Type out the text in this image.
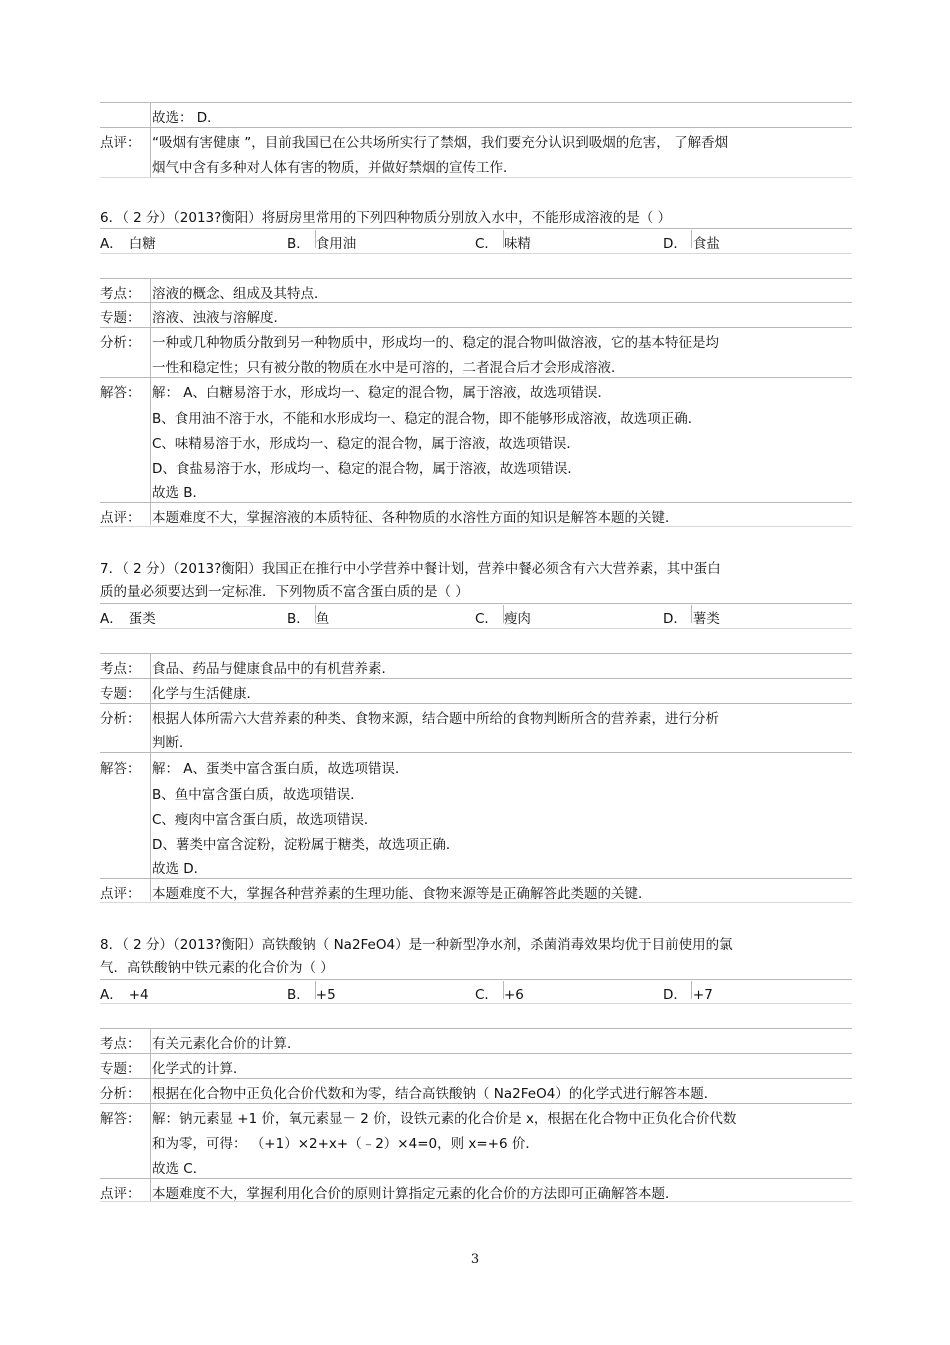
故选： D．
点评： “吸烟有害健康 ”，目前我国已在公共场所实行了禁烟，我们要充分认识到吸烟的危害， 了解香烟
烟气中含有多种对人体有害的物质，并做好禁烟的宣传工作．
6．（ 2 分）（2013?衡阳）将厨房里常用的下列四种物质分别放入水中，不能形成溶液的是（ ）
A． 白糖	B． 食用油	C． 味精	D． 食盐
考点： 溶液的概念、组成及其特点．
专题： 溶液、浊液与溶解度．
分析： 一种或几种物质分散到另一种物质中，形成均一的、稳定的混合物叫做溶液，它的基本特征是均
一性和稳定性；只有被分散的物质在水中是可溶的，二者混合后才会形成溶液．
解答： 解： A、白糖易溶于水，形成均一、稳定的混合物，属于溶液，故选项错误．
B、食用油不溶于水，不能和水形成均一、稳定的混合物，即不能够形成溶液，故选项正确．
C、味精易溶于水，形成均一、稳定的混合物，属于溶液，故选项错误．
D、食盐易溶于水，形成均一、稳定的混合物，属于溶液，故选项错误．
故选 B．
点评： 本题难度不大，掌握溶液的本质特征、各种物质的水溶性方面的知识是解答本题的关键．
7．（ 2 分）（2013?衡阳）我国正在推行中小学营养中餐计划，营养中餐必须含有六大营养素，其中蛋白
质的量必须要达到一定标准．下列物质不富含蛋白质的是（ ）
A． 蛋类	B． 鱼	C． 瘦肉	D． 薯类
考点： 食品、药品与健康食品中的有机营养素．
专题： 化学与生活健康．
分析： 根据人体所需六大营养素的种类、食物来源，结合题中所给的食物判断所含的营养素，进行分析
判断．
解答： 解： A、蛋类中富含蛋白质，故选项错误．
B、鱼中富含蛋白质，故选项错误．
C、瘦肉中富含蛋白质，故选项错误．
D、薯类中富含淀粉，淀粉属于糖类，故选项正确．
故选 D．
点评： 本题难度不大，掌握各种营养素的生理功能、食物来源等是正确解答此类题的关键．
8．（ 2 分）（2013?衡阳）高铁酸钠（ Na2FeO4）是一种新型净水剂，杀菌消毒效果均优于目前使用的氯
气．高铁酸钠中铁元素的化合价为（ ）
A． +4	B． +5	C． +6	D． +7
考点： 有关元素化合价的计算．
专题： 化学式的计算．
分析： 根据在化合物中正负化合价代数和为零，结合高铁酸钠（ Na2FeO4）的化学式进行解答本题．
解答： 解：钠元素显 +1 价，氧元素显－ 2 价，设铁元素的化合价是 x，根据在化合物中正负化合价代数
和为零，可得： （+1）×2+x+（﹣2）×4=0，则 x=+6 价．
故选 C．
点评： 本题难度不大，掌握利用化合价的原则计算指定元素的化合价的方法即可正确解答本题．
3
